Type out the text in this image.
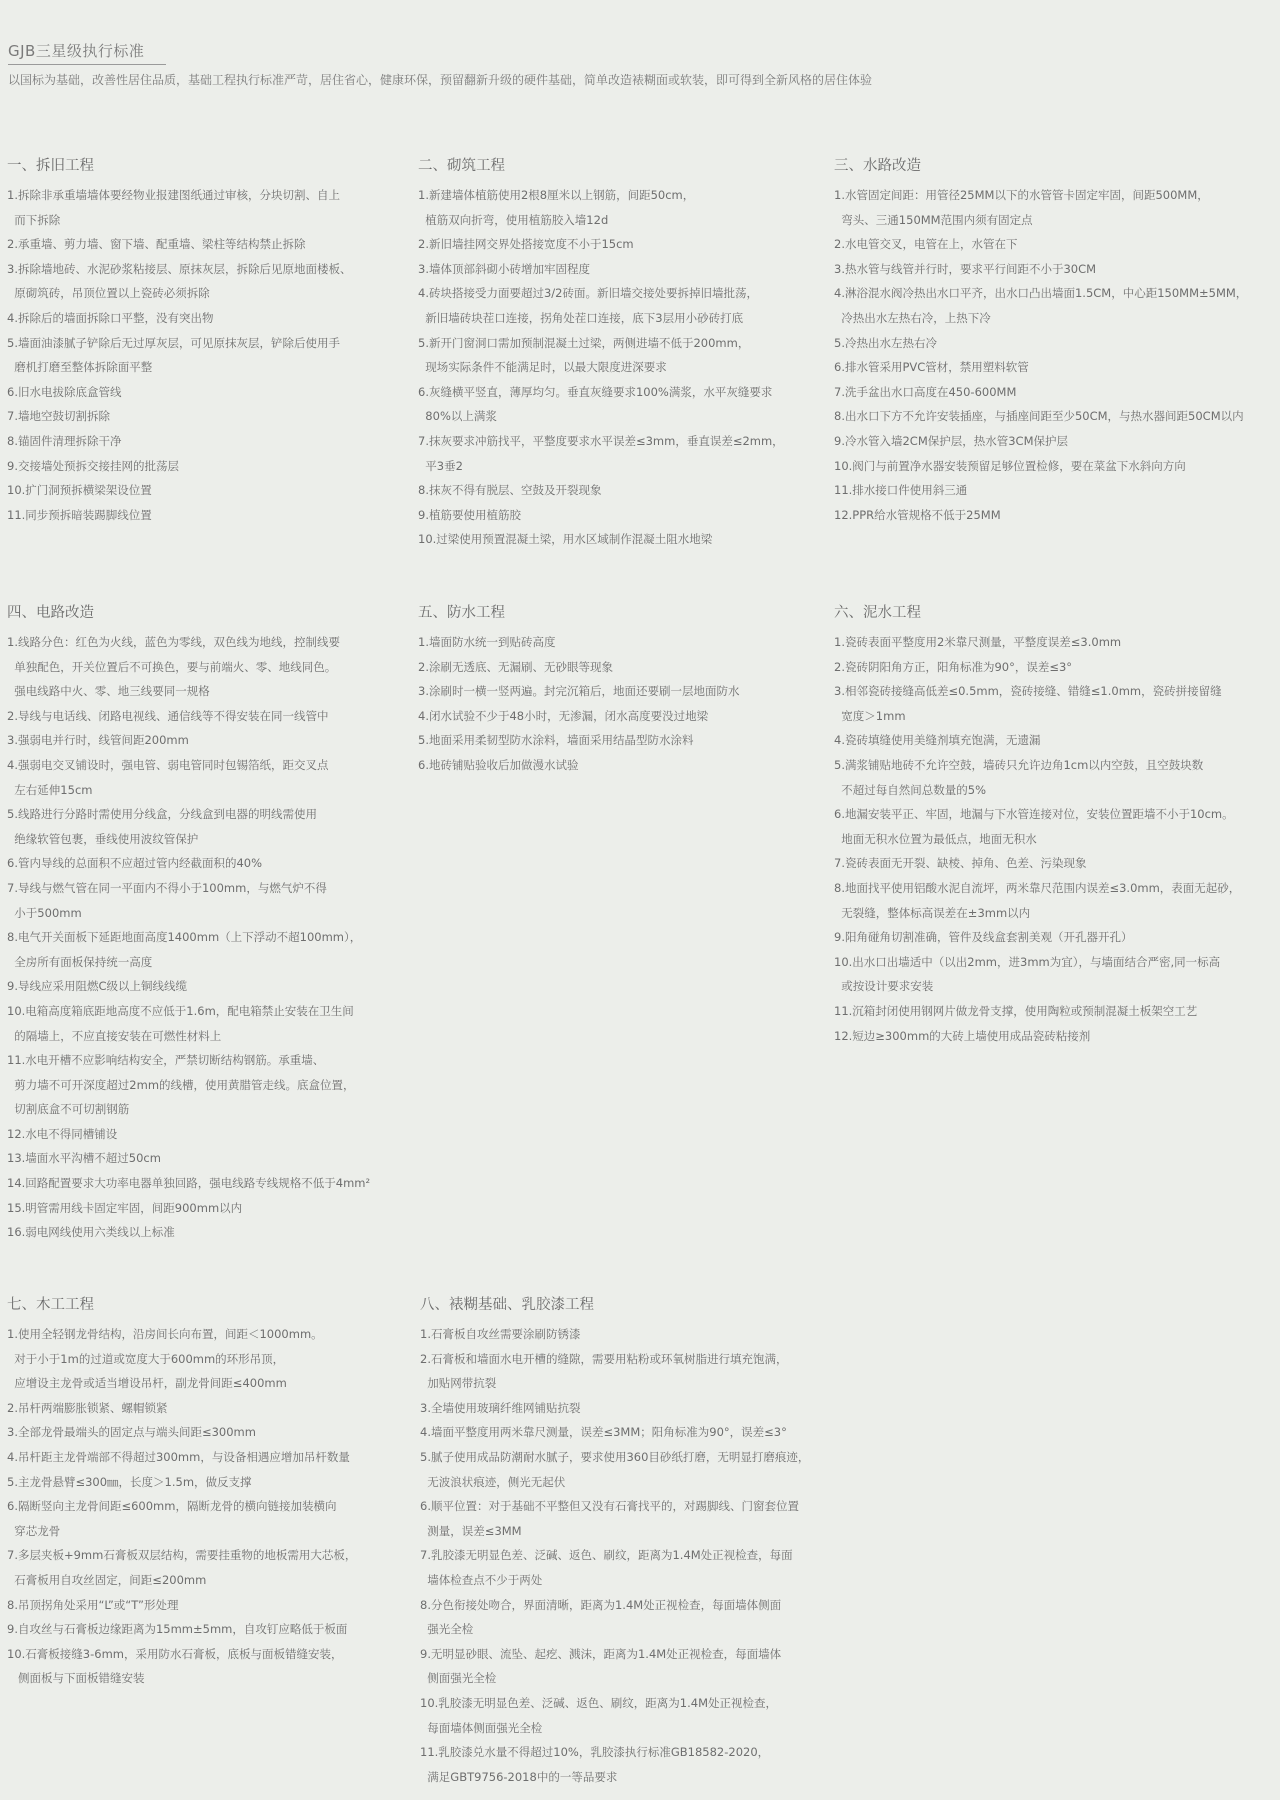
GJB三星级执行标准
以国标为基础，改善性居住品质，基础工程执行标准严苛，居住省心，健康环保，预留翻新升级的硬件基础，简单改造裱糊面或软装，即可得到全新风格的居住体验
一、拆旧工程
1.拆除非承重墙墙体要经物业报建图纸通过审核，分块切割、自上
而下拆除
2.承重墙、剪力墙、窗下墙、配重墙、梁柱等结构禁止拆除
3.拆除墙地砖、水泥砂浆粘接层、原抹灰层，拆除后见原地面楼板、
原砌筑砖，吊顶位置以上瓷砖必须拆除
4.拆除后的墙面拆除口平整，没有突出物
5.墙面油漆腻子铲除后无过厚灰层，可见原抹灰层，铲除后使用手
磨机打磨至整体拆除面平整
6.旧水电拔除底盒管线
7.墙地空鼓切割拆除
8.锚固件清理拆除干净
9.交接墙处预拆交接挂网的批荡层
10.扩门洞预拆横梁架设位置
11.同步预拆暗装踢脚线位置
二、砌筑工程
1.新建墙体植筋使用2根8厘米以上钢筋，间距50cm，
植筋双向折弯，使用植筋胶入墙12d
2.新旧墙挂网交界处搭接宽度不小于15cm
3.墙体顶部斜砌小砖增加牢固程度
4.砖块搭接受力面要超过3/2砖面。新旧墙交接处要拆掉旧墙批荡，
新旧墙砖块茬口连接，拐角处茬口连接，底下3层用小砂砖打底
5.新开门窗洞口需加预制混凝土过梁，两侧进墙不低于200mm，
现场实际条件不能满足时，以最大限度进深要求
6.灰缝横平竖直，薄厚均匀。垂直灰缝要求100%满浆，水平灰缝要求
80%以上满浆
7.抹灰要求冲筋找平，平整度要求水平误差≤3mm，垂直误差≤2mm，
平3垂2
8.抹灰不得有脱层、空鼓及开裂现象
9.植筋要使用植筋胶
10.过梁使用预置混凝土梁，用水区域制作混凝土阻水地梁
三、水路改造
1.水管固定间距：用管径25MM以下的水管管卡固定牢固，间距500MM，
弯头、三通150MM范围内须有固定点
2.水电管交叉，电管在上，水管在下
3.热水管与线管并行时，要求平行间距不小于30CM
4.淋浴混水阀冷热出水口平齐，出水口凸出墙面1.5CM，中心距150MM±5MM，
冷热出水左热右冷，上热下冷
5.冷热出水左热右冷
6.排水管采用PVC管材，禁用塑料软管
7.洗手盆出水口高度在450-600MM
8.出水口下方不允许安装插座，与插座间距至少50CM，与热水器间距50CM以内
9.冷水管入墙2CM保护层，热水管3CM保护层
10.阀门与前置净水器安装预留足够位置检修，要在菜盆下水斜向方向
11.排水接口件使用斜三通
12.PPR给水管规格不低于25MM
四、电路改造
1.线路分色：红色为火线，蓝色为零线，双色线为地线，控制线要
单独配色，开关位置后不可换色，要与前端火、零、地线同色。
强电线路中火、零、地三线要同一规格
2.导线与电话线、闭路电视线、通信线等不得安装在同一线管中
3.强弱电并行时，线管间距200mm
4.强弱电交叉铺设时，强电管、弱电管同时包锡箔纸，距交叉点
左右延伸15cm
5.线路进行分路时需使用分线盒，分线盒到电器的明线需使用
绝缘软管包裹，垂线使用波纹管保护
6.管内导线的总面积不应超过管内经截面积的40%
7.导线与燃气管在同一平面内不得小于100mm，与燃气炉不得
小于500mm
8.电气开关面板下延距地面高度1400mm（上下浮动不超100mm），
全房所有面板保持统一高度
9.导线应采用阻燃C级以上铜线线缆
10.电箱高度箱底距地高度不应低于1.6m，配电箱禁止安装在卫生间
的隔墙上，不应直接安装在可燃性材料上
11.水电开槽不应影响结构安全，严禁切断结构钢筋。承重墙、
剪力墙不可开深度超过2mm的线槽，使用黄腊管走线。底盒位置，
切割底盒不可切割钢筋
12.水电不得同槽铺设
13.墙面水平沟槽不超过50cm
14.回路配置要求大功率电器单独回路，强电线路专线规格不低于4mm²
15.明管需用线卡固定牢固，间距900mm以内
16.弱电网线使用六类线以上标准
五、防水工程
1.墙面防水统一到贴砖高度
2.涂刷无透底、无漏刷、无砂眼等现象
3.涂刷时一横一竖两遍。封完沉箱后，地面还要刷一层地面防水
4.闭水试验不少于48小时，无渗漏，闭水高度要没过地梁
5.地面采用柔韧型防水涂料，墙面采用结晶型防水涂料
6.地砖铺贴验收后加做漫水试验
六、泥水工程
1.瓷砖表面平整度用2米靠尺测量，平整度误差≤3.0mm
2.瓷砖阴阳角方正，阳角标准为90°，误差≤3°
3.相邻瓷砖接缝高低差≤0.5mm，瓷砖接缝、错缝≤1.0mm，瓷砖拼接留缝
宽度＞1mm
4.瓷砖填缝使用美缝剂填充饱满，无遗漏
5.满浆铺贴地砖不允许空鼓，墙砖只允许边角1cm以内空鼓，且空鼓块数
不超过每自然间总数量的5%
6.地漏安装平正、牢固，地漏与下水管连接对位，安装位置距墙不小于10cm。
地面无积水位置为最低点，地面无积水
7.瓷砖表面无开裂、缺棱、掉角、色差、污染现象
8.地面找平使用铝酸水泥自流坪，两米靠尺范围内误差≤3.0mm，表面无起砂，
无裂缝，整体标高误差在±3mm以内
9.阳角碰角切割准确，管件及线盒套割美观（开孔器开孔）
10.出水口出墙适中（以出2mm，进3mm为宜），与墙面结合严密,同一标高
或按设计要求安装
11.沉箱封闭使用钢网片做龙骨支撑，使用陶粒或预制混凝土板架空工艺
12.短边≥300mm的大砖上墙使用成品瓷砖粘接剂
七、木工工程
1.使用全轻钢龙骨结构，沿房间长向布置，间距＜1000mm。
对于小于1m的过道或宽度大于600mm的环形吊顶，
应增设主龙骨或适当增设吊杆，副龙骨间距≤400mm
2.吊杆两端膨胀锁紧、螺帽锁紧
3.全部龙骨最端头的固定点与端头间距≤300mm
4.吊杆距主龙骨端部不得超过300mm，与设备相遇应增加吊杆数量
5.主龙骨悬臂≤300㎜，长度＞1.5m，做反支撑
6.隔断竖向主龙骨间距≤600mm，隔断龙骨的横向链接加装横向
穿芯龙骨
7.多层夹板+9mm石膏板双层结构，需要挂重物的地板需用大芯板，
石膏板用自攻丝固定，间距≤200mm
8.吊顶拐角处采用“L”或“T”形处理
9.自攻丝与石膏板边缘距离为15mm±5mm，自攻钉应略低于板面
10.石膏板接缝3-6mm，采用防水石膏板，底板与面板错缝安装，
侧面板与下面板错缝安装
八、裱糊基础、乳胶漆工程
1.石膏板自攻丝需要涂刷防锈漆
2.石膏板和墙面水电开槽的缝隙，需要用粘粉或环氧树脂进行填充饱满，
加贴网带抗裂
3.全墙使用玻璃纤维网铺贴抗裂
4.墙面平整度用两米靠尺测量，误差≤3MM；阳角标准为90°，误差≤3°
5.腻子使用成品防潮耐水腻子，要求使用360目砂纸打磨，无明显打磨痕迹，
无波浪状痕迹，侧光无起伏
6.顺平位置：对于基础不平整但又没有石膏找平的，对踢脚线、门窗套位置
测量，误差≤3MM
7.乳胶漆无明显色差、泛碱、返色、刷纹，距离为1.4M处正视检查，每面
墙体检查点不少于两处
8.分色衔接处吻合，界面清晰，距离为1.4M处正视检查，每面墙体侧面
强光全检
9.无明显砂眼、流坠、起疙、溅沫，距离为1.4M处正视检查，每面墙体
侧面强光全检
10.乳胶漆无明显色差、泛碱、返色、刷纹，距离为1.4M处正视检查，
每面墙体侧面强光全检
11.乳胶漆兑水量不得超过10%，乳胶漆执行标准GB18582-2020，
满足GBT9756-2018中的一等品要求
